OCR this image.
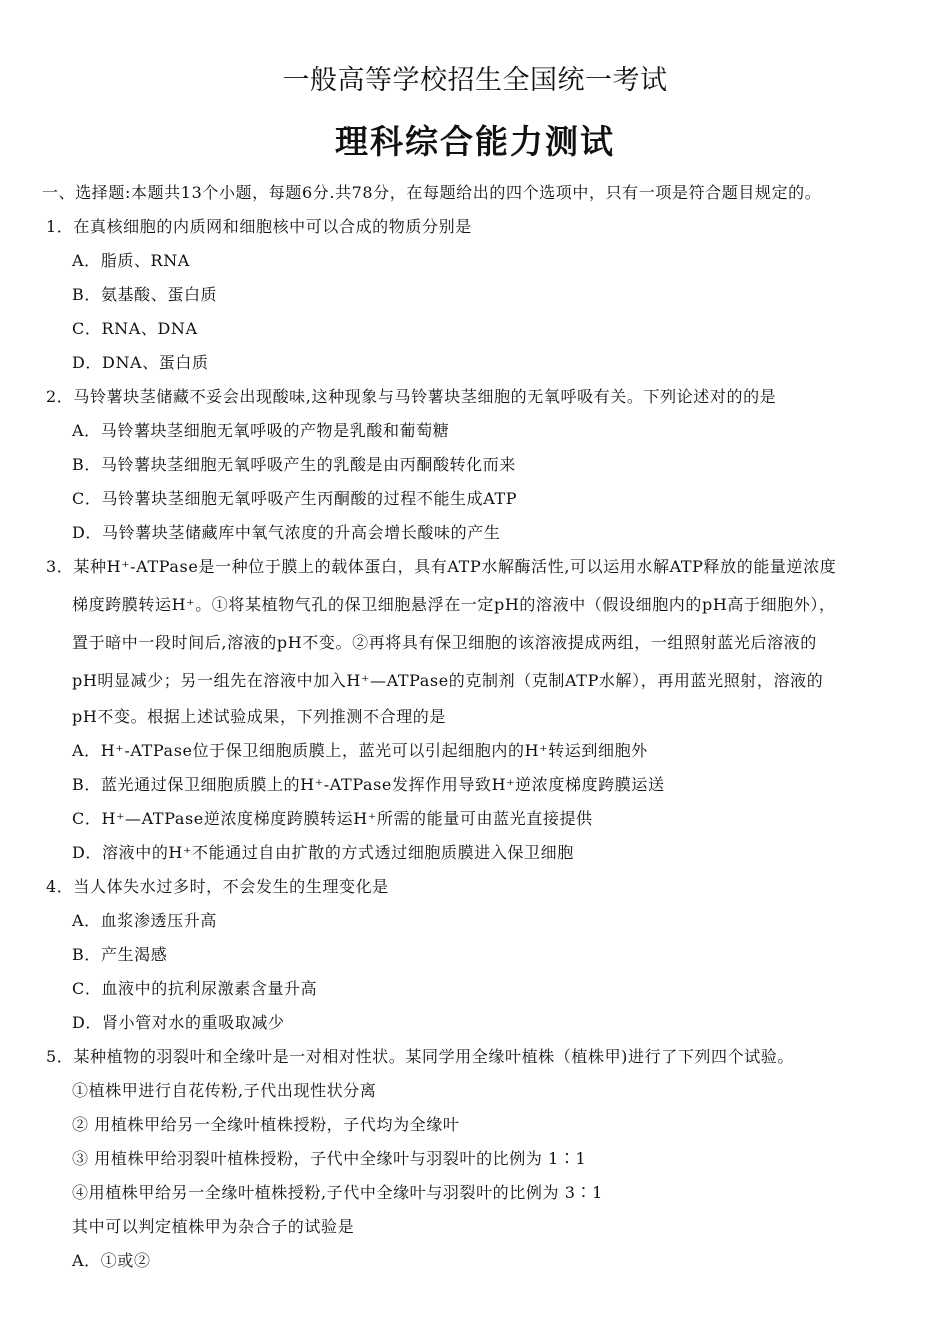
一般高等学校招生全国统一考试
理科综合能力测试
一、选择题:本题共13个小题，每题6分.共78分，在每题给出的四个选项中，只有一项是符合题目规定的。
1．在真核细胞的内质网和细胞核中可以合成的物质分别是
A．脂质、RNA
B．氨基酸、蛋白质
C．RNA、DNA
D．DNA、蛋白质
2．马铃薯块茎储藏不妥会出现酸味,这种现象与马铃薯块茎细胞的无氧呼吸有关。下列论述对的的是
A．马铃薯块茎细胞无氧呼吸的产物是乳酸和葡萄糖
B．马铃薯块茎细胞无氧呼吸产生的乳酸是由丙酮酸转化而来
C．马铃薯块茎细胞无氧呼吸产生丙酮酸的过程不能生成ATP
D．马铃薯块茎储藏库中氧气浓度的升高会增长酸味的产生
3．某种H⁺-ATPase是一种位于膜上的载体蛋白，具有ATP水解酶活性,可以运用水解ATP释放的能量逆浓度
梯度跨膜转运H⁺。①将某植物气孔的保卫细胞悬浮在一定pH的溶液中（假设细胞内的pH高于细胞外），
置于暗中一段时间后,溶液的pH不变。②再将具有保卫细胞的该溶液提成两组，一组照射蓝光后溶液的
pH明显减少；另一组先在溶液中加入H⁺—ATPase的克制剂（克制ATP水解），再用蓝光照射，溶液的
pH不变。根据上述试验成果，下列推测不合理的是
A．H⁺-ATPase位于保卫细胞质膜上，蓝光可以引起细胞内的H⁺转运到细胞外
B．蓝光通过保卫细胞质膜上的H⁺-ATPase发挥作用导致H⁺逆浓度梯度跨膜运送
C．H⁺—ATPase逆浓度梯度跨膜转运H⁺所需的能量可由蓝光直接提供
D．溶液中的H⁺不能通过自由扩散的方式透过细胞质膜进入保卫细胞
4．当人体失水过多时，不会发生的生理变化是
A．血浆渗透压升高
B．产生渴感
C．血液中的抗利尿激素含量升高
D．肾小管对水的重吸取减少
5．某种植物的羽裂叶和全缘叶是一对相对性状。某同学用全缘叶植株（植株甲)进行了下列四个试验。
①植株甲进行自花传粉,子代出现性状分离
② 用植株甲给另一全缘叶植株授粉，子代均为全缘叶
③ 用植株甲给羽裂叶植株授粉，子代中全缘叶与羽裂叶的比例为 1∶1
④用植株甲给另一全缘叶植株授粉,子代中全缘叶与羽裂叶的比例为 3∶1
其中可以判定植株甲为杂合子的试验是
A．①或②
